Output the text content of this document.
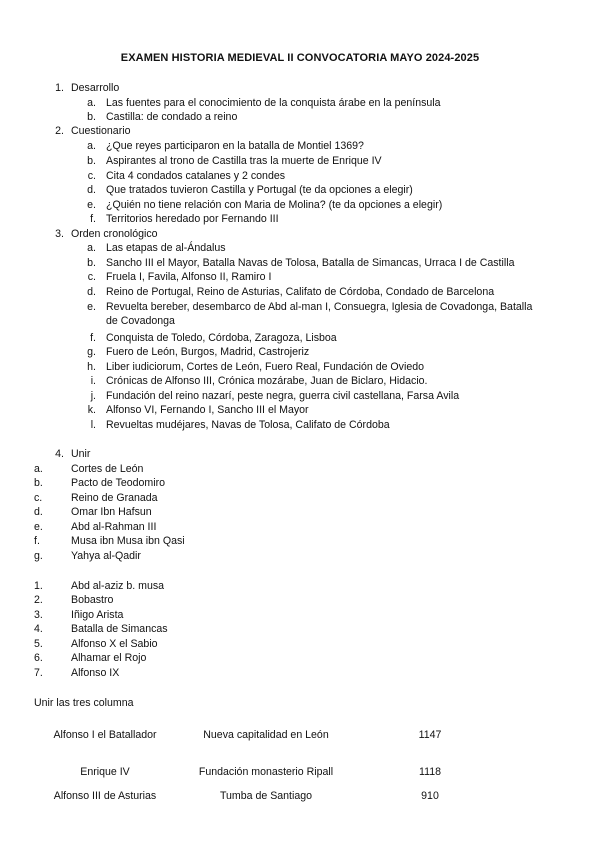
EXAMEN HISTORIA MEDIEVAL II CONVOCATORIA MAYO 2024-2025
1. Desarrollo
a. Las fuentes para el conocimiento de la conquista árabe en la península
b. Castilla: de condado a reino
2. Cuestionario
a. ¿Que reyes participaron en la batalla de Montiel 1369?
b. Aspirantes al trono de Castilla tras la muerte de Enrique IV
c. Cita 4 condados catalanes y 2 condes
d. Que tratados tuvieron Castilla y Portugal (te da opciones a elegir)
e. ¿Quién no tiene relación con Maria de Molina? (te da opciones a elegir)
f. Territorios heredado por Fernando III
3. Orden cronológico
a. Las etapas de al-Ándalus
b. Sancho III el Mayor, Batalla Navas de Tolosa, Batalla de Simancas, Urraca I de Castilla
c. Fruela I, Favila, Alfonso II, Ramiro I
d. Reino de Portugal, Reino de Asturias, Califato de Córdoba, Condado de Barcelona
e. Revuelta bereber, desembarco de Abd al-man I, Consuegra, Iglesia de Covadonga, Batalla
de Covadonga
f. Conquista de Toledo, Córdoba, Zaragoza, Lisboa
g. Fuero de León, Burgos, Madrid, Castrojeriz
h. Liber iudiciorum, Cortes de León, Fuero Real, Fundación de Oviedo
i. Crónicas de Alfonso III, Crónica mozárabe, Juan de Biclaro, Hidacio.
j. Fundación del reino nazarí, peste negra, guerra civil castellana, Farsa Avila
k. Alfonso VI, Fernando I, Sancho III el Mayor
l. Revueltas mudéjares, Navas de Tolosa, Califato de Córdoba
4. Unir
a.	Cortes de León
b.	Pacto de Teodomiro
c.	Reino de Granada
d.	Omar Ibn Hafsun
e.	Abd al-Rahman III
f.	Musa ibn Musa ibn Qasi
g.	Yahya al-Qadir
1.	Abd al-aziz b. musa
2.	Bobastro
3.	Iñigo Arista
4.	Batalla de Simancas
5.	Alfonso X el Sabio
6.	Alhamar el Rojo
7.	Alfonso IX
Unir las tres columna
Alfonso I el Batallador	Nueva capitalidad en León	1147
Enrique IV	Fundación monasterio Ripall	1118
Alfonso III de Asturias	Tumba de Santiago	910
